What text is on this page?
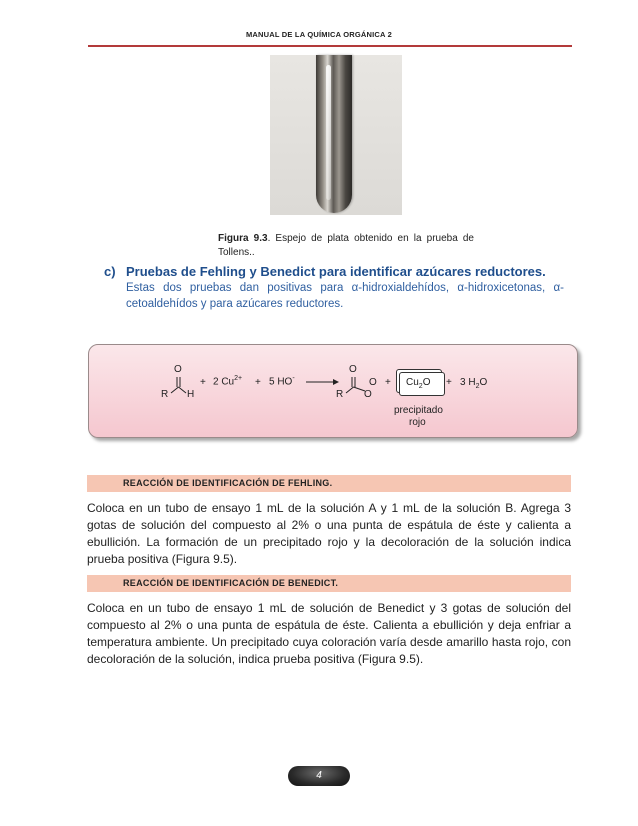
MANUAL DE LA QUÍMICA ORGÁNICA 2
Figura 9.3. Espejo de plata obtenido en la prueba de Tollens..
c) Pruebas de Fehling y Benedict para identificar azúcares reductores.
Estas dos pruebas dan positivas para α-hidroxialdehídos, α-hidroxicetonas, α-cetoaldehídos y para azúcares reductores.
O
R H
+ 2 $Cu^{2+} + 5$ HO-
O
R O
$O + Cu_2O + 3$ $H_2O$
precipitado
rojo
REACCIÓN DE IDENTIFICACIÓN DE FEHLING.
Coloca en un tubo de ensayo 1 mL de la solución A y 1 mL de la solución B. Agrega 3 gotas de solución del compuesto al 2% o una punta de espátula de éste y calienta a ebullición. La formación de un precipitado rojo y la decoloración de la solución indica prueba positiva (Figura 9.5).
REACCIÓN DE IDENTIFICACIÓN DE BENEDICT.
Coloca en un tubo de ensayo 1 mL de solución de Benedict y 3 gotas de solución del compuesto al 2% o una punta de espátula de éste. Calienta a ebullición y deja enfriar a temperatura ambiente. Un precipitado cuya coloración varía desde amarillo hasta rojo, con decoloración de la solución, indica prueba positiva (Figura 9.5).
4
